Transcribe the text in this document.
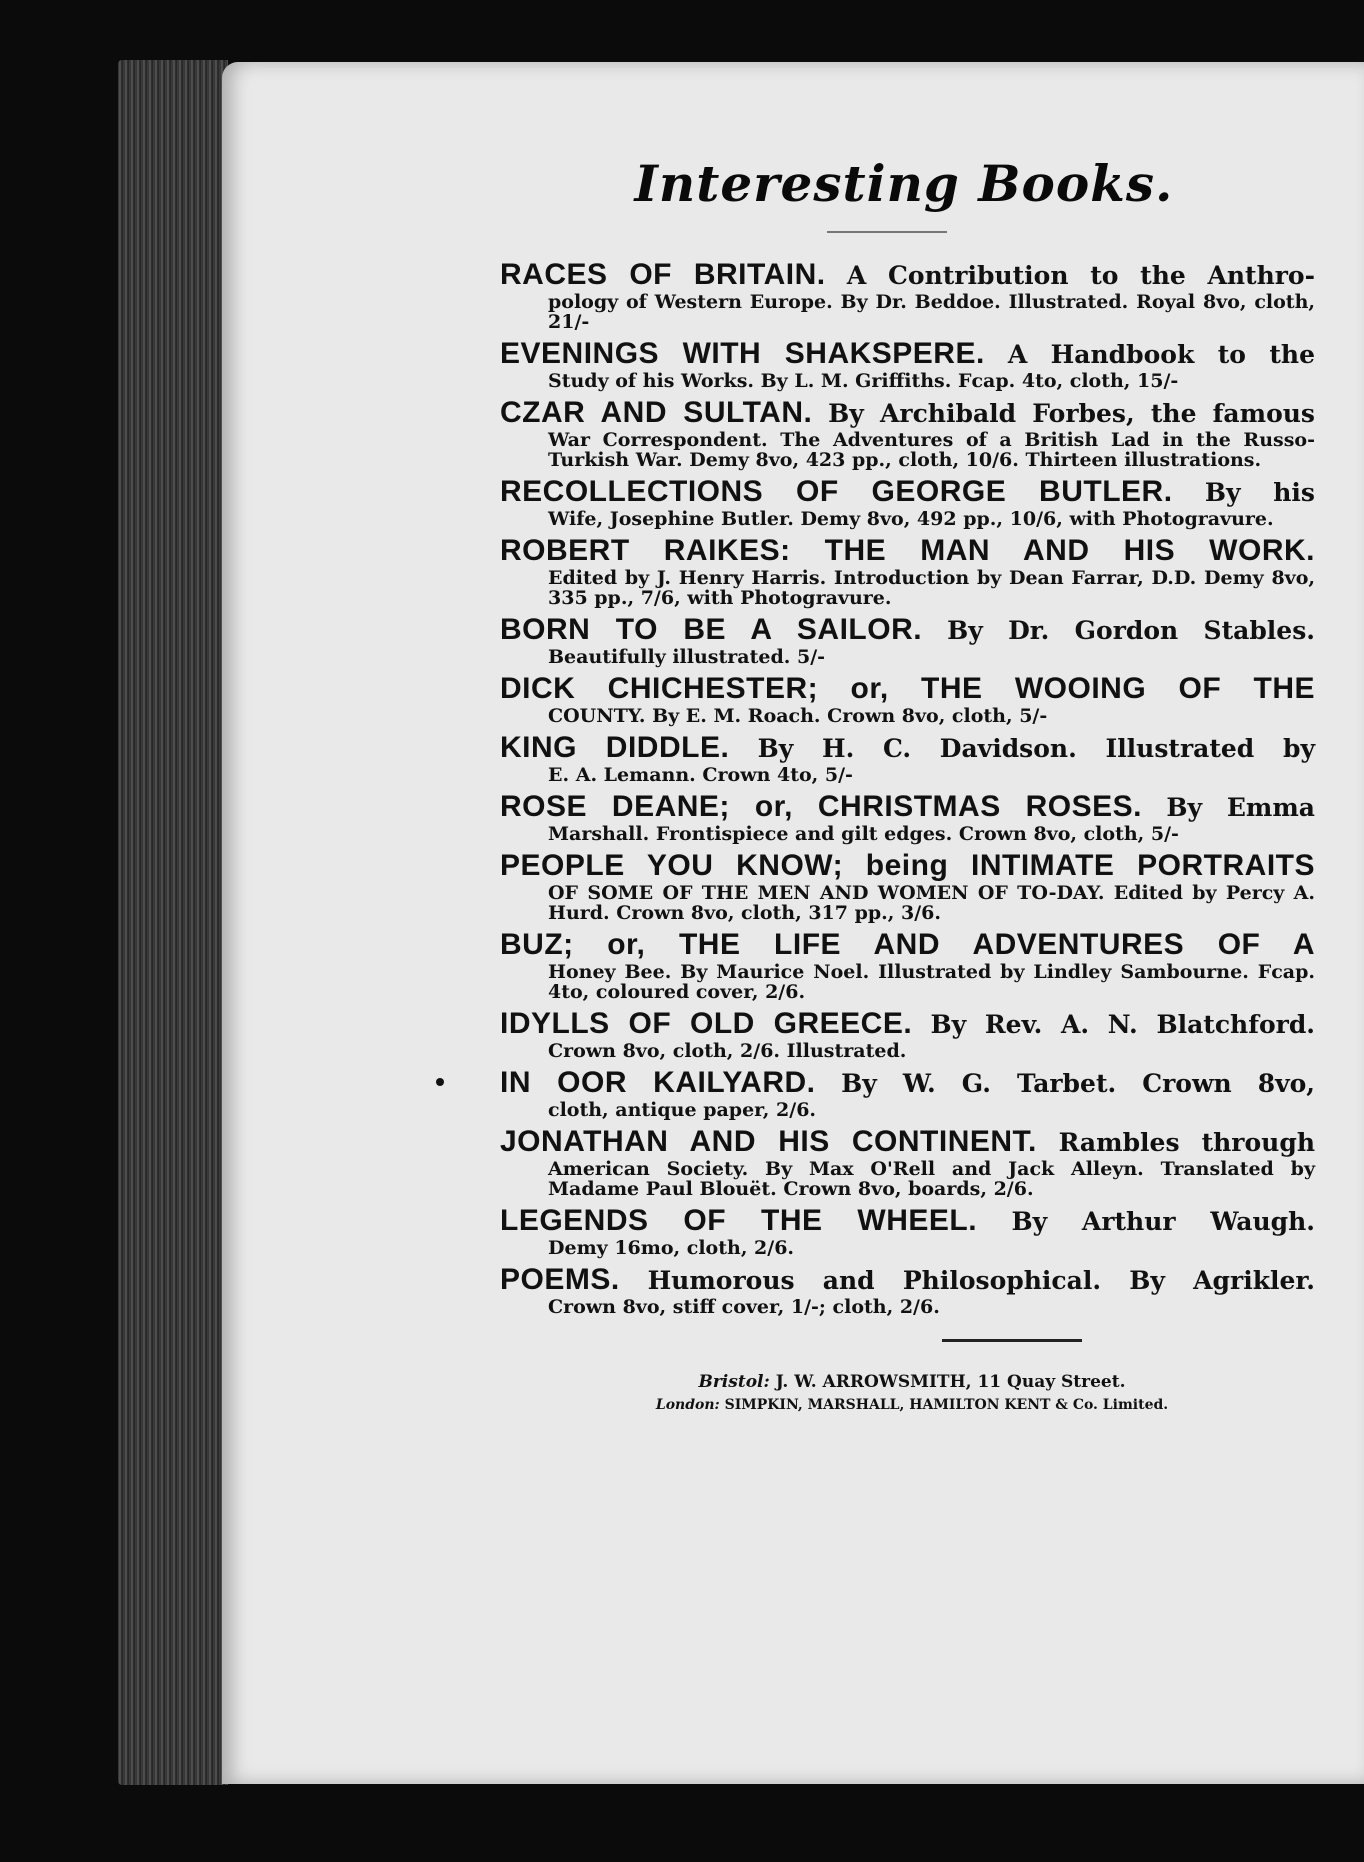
Interesting Books.
RACES OF BRITAIN. A Contribution to the Anthro-
pology of Western Europe. By Dr. Beddoe. Illustrated. Royal 8vo, cloth, 21/-
EVENINGS WITH SHAKSPERE. A Handbook to the
Study of his Works. By L. M. Griffiths. Fcap. 4to, cloth, 15/-
CZAR AND SULTAN. By Archibald Forbes, the famous
War Correspondent. The Adventures of a British Lad in the Russo-Turkish War. Demy 8vo, 423 pp., cloth, 10/6. Thirteen illustrations.
RECOLLECTIONS OF GEORGE BUTLER. By his
Wife, Josephine Butler. Demy 8vo, 492 pp., 10/6, with Photogravure.
ROBERT RAIKES: THE MAN AND HIS WORK.
Edited by J. Henry Harris. Introduction by Dean Farrar, D.D. Demy 8vo, 335 pp., 7/6, with Photogravure.
BORN TO BE A SAILOR. By Dr. Gordon Stables.
Beautifully illustrated. 5/-
DICK CHICHESTER; or, THE WOOING OF THE
COUNTY. By E. M. Roach. Crown 8vo, cloth, 5/-
KING DIDDLE. By H. C. Davidson. Illustrated by
E. A. Lemann. Crown 4to, 5/-
ROSE DEANE; or, CHRISTMAS ROSES. By Emma
Marshall. Frontispiece and gilt edges. Crown 8vo, cloth, 5/-
PEOPLE YOU KNOW; being INTIMATE PORTRAITS
OF SOME OF THE MEN AND WOMEN OF TO-DAY. Edited by Percy A. Hurd. Crown 8vo, cloth, 317 pp., 3/6.
BUZ; or, THE LIFE AND ADVENTURES OF A
Honey Bee. By Maurice Noel. Illustrated by Lindley Sambourne. Fcap. 4to, coloured cover, 2/6.
IDYLLS OF OLD GREECE. By Rev. A. N. Blatchford.
Crown 8vo, cloth, 2/6. Illustrated.
IN OOR KAILYARD. By W. G. Tarbet. Crown 8vo,
cloth, antique paper, 2/6.
JONATHAN AND HIS CONTINENT. Rambles through
American Society. By Max O'Rell and Jack Alleyn. Translated by Madame Paul Blouët. Crown 8vo, boards, 2/6.
LEGENDS OF THE WHEEL. By Arthur Waugh.
Demy 16mo, cloth, 2/6.
POEMS. Humorous and Philosophical. By Agrikler.
Crown 8vo, stiff cover, 1/-; cloth, 2/6.
Bristol: J. W. ARROWSMITH, 11 Quay Street.
London: SIMPKIN, MARSHALL, HAMILTON KENT & Co. Limited.
